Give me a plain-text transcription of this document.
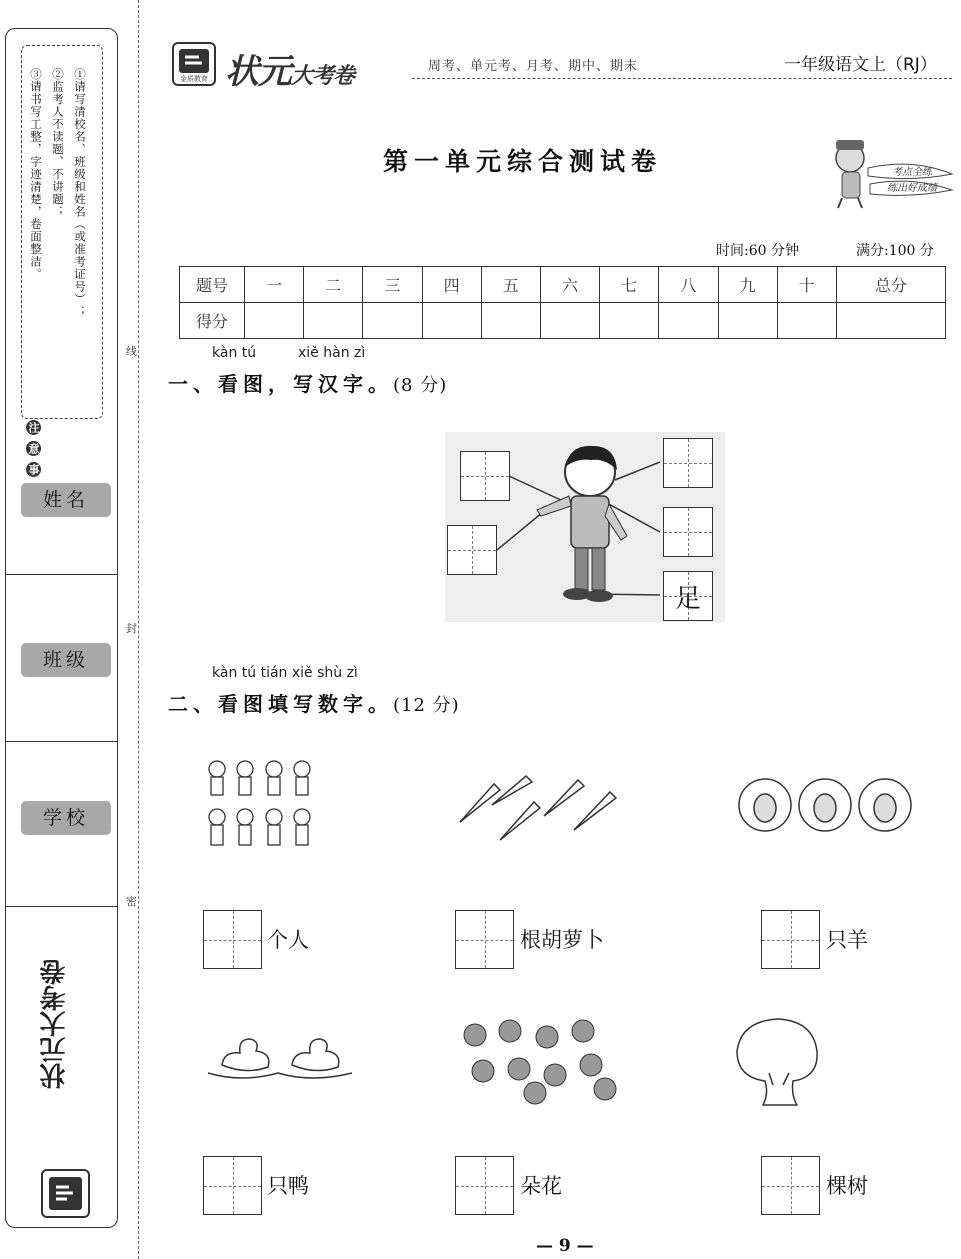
①请写清校名、班级和姓名（或准考证号）；
②监考人不读题、不讲题；
③请书写工整，字迹清楚，卷面整洁。
注 意 事
姓名
班级
学校
状元大考卷
线
封
密
金质教育 状元大考卷	周考、单元考、月考、期中、期末	一年级语文上（RJ）
第一单元综合测试卷	考点全练
练出好成绩
时间:60 分钟	满分:100 分
题号	一	二	三	四	五	六	七	八	九	十	总分
得分											
kàn tú	xiě hàn zì
一、看图，写汉字。(8 分)
足
kàn tú tián xiě shù zì
二、看图填写数字。(12 分)
个人	根胡萝卜	只羊
只鸭	朵花	棵树
— 9 —
